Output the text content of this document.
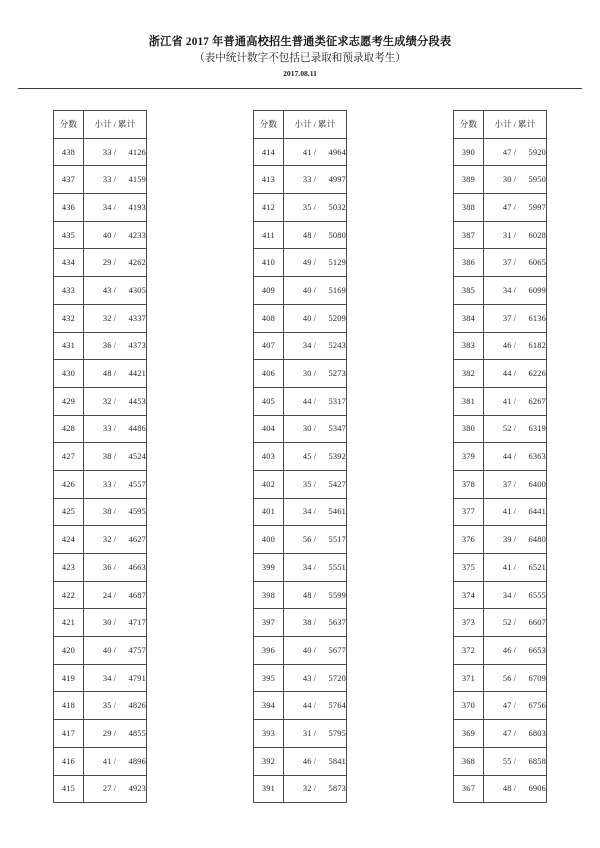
浙江省 2017 年普通高校招生普通类征求志愿考生成绩分段表
（表中统计数字不包括已录取和预录取考生）
2017.08.11
分数	小计 / 累计
438	33 / 4126

437	33 / 4159

436	34 / 4193

435	40 / 4233

434	29 / 4262

433	43 / 4305

432	32 / 4337

431	36 / 4373

430	48 / 4421

429	32 / 4453

428	33 / 4486

427	38 / 4524

426	33 / 4557

425	38 / 4595

424	32 / 4627

423	36 / 4663

422	24 / 4687

421	30 / 4717

420	40 / 4757

419	34 / 4791

418	35 / 4826

417	29 / 4855

416	41 / 4896

415	27 / 4923
分数	小计 / 累计
414	41 / 4964

413	33 / 4997

412	35 / 5032

411	48 / 5080

410	49 / 5129

409	40 / 5169

408	40 / 5209

407	34 / 5243

406	30 / 5273

405	44 / 5317

404	30 / 5347

403	45 / 5392

402	35 / 5427

401	34 / 5461

400	56 / 5517

399	34 / 5551

398	48 / 5599

397	38 / 5637

396	40 / 5677

395	43 / 5720

394	44 / 5764

393	31 / 5795

392	46 / 5841

391	32 / 5873
分数	小计 / 累计
390	47 / 5920

389	30 / 5950

388	47 / 5997

387	31 / 6028

386	37 / 6065

385	34 / 6099

384	37 / 6136

383	46 / 6182

382	44 / 6226

381	41 / 6267

380	52 / 6319

379	44 / 6363

378	37 / 6400

377	41 / 6441

376	39 / 6480

375	41 / 6521

374	34 / 6555

373	52 / 6607

372	46 / 6653

371	56 / 6709

370	47 / 6756

369	47 / 6803

368	55 / 6858

367	48 / 6906
